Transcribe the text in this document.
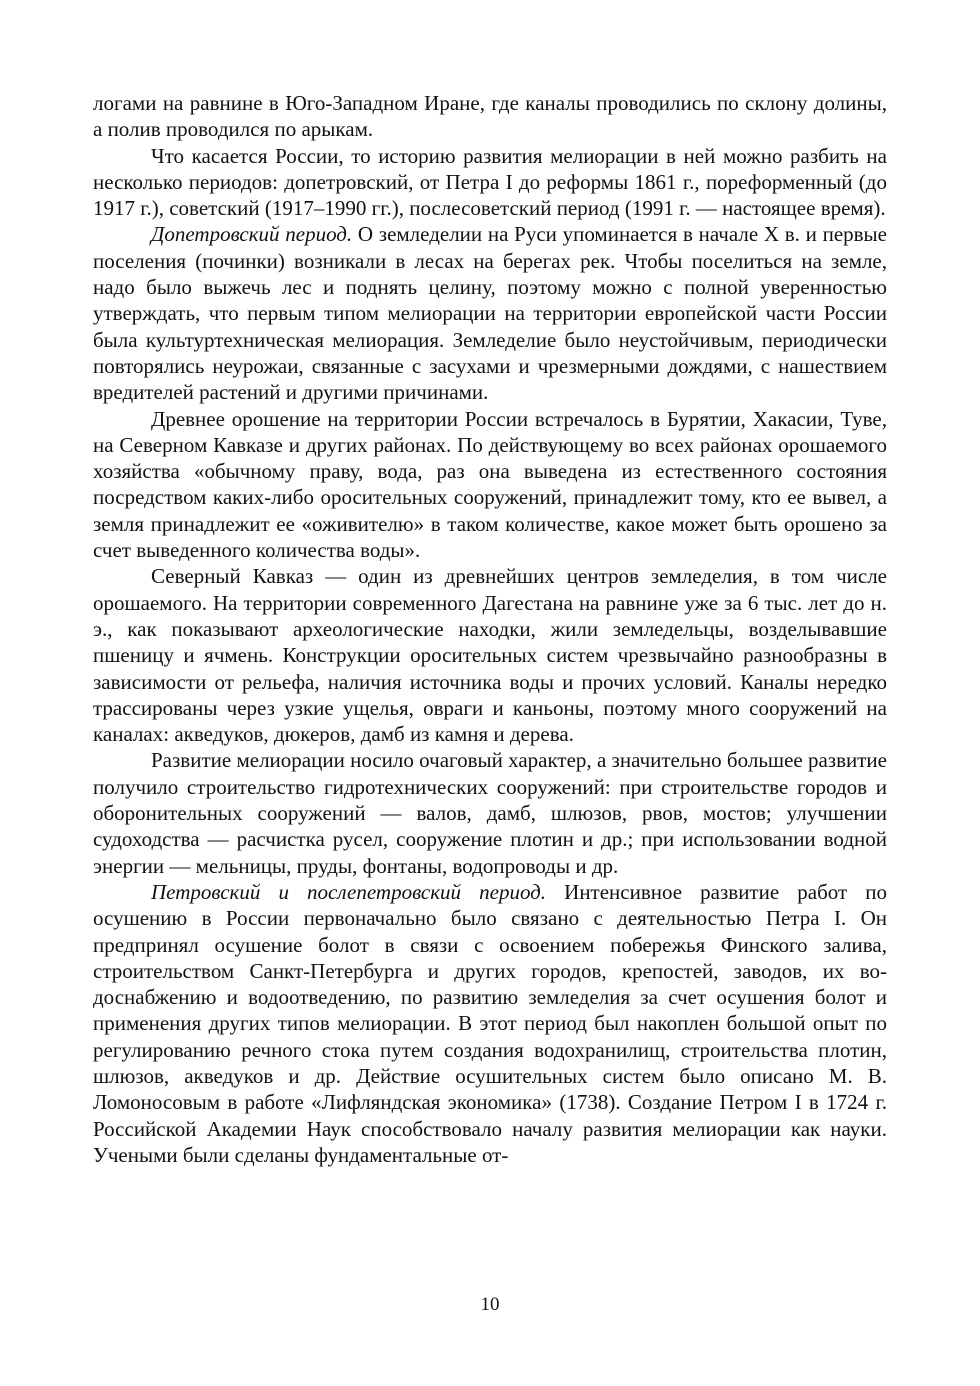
логами на равнине в Юго-Западном Иране, где каналы проводились по склону долины, а полив проводился по арыкам.

Что касается России, то историю развития мелиорации в ней можно разбить на несколько периодов: допетровский, от Петра I до реформы 1861 г., пореформенный (до 1917 г.), советский (1917–1990 гг.), послесоветский период (1991 г. — настоящее время).

Допетровский период. О земледелии на Руси упоминается в начале X в. и первые поселения (починки) возникали в лесах на берегах рек. Чтобы поселиться на земле, надо было выжечь лес и поднять целину, поэтому можно с полной уверенностью утверждать, что первым типом мелиорации на территории европейской части России была культуртехническая мелиорация. Земледелие было неустойчивым, периодически повторялись неурожаи, связанные с засухами и чрезмерными дождями, с нашествием вредителей растений и другими причинами.

Древнее орошение на территории России встречалось в Бурятии, Хакасии, Туве, на Северном Кавказе и других районах. По действующему во всех районах орошаемого хозяйства «обычному праву, вода, раз она выведена из естественного состояния посредством каких-либо оросительных сооружений, принадлежит тому, кто ее вывел, а земля принадлежит ее «оживителю» в таком количестве, какое может быть орошено за счет выведенного количества воды».

Северный Кавказ — один из древнейших центров земледелия, в том числе орошаемого. На территории современного Дагестана на равнине уже за 6 тыс. лет до н. э., как показывают археологические находки, жили земледельцы, возделывавшие пшеницу и ячмень. Конструкции оросительных систем чрезвычайно разнообразны в зависимости от рельефа, наличия источника воды и прочих условий. Каналы нередко трассированы через узкие ущелья, овраги и каньоны, поэтому много сооружений на каналах: акведуков, дюкеров, дамб из камня и дерева.

Развитие мелиорации носило очаговый характер, а значительно большее развитие получило строительство гидротехнических сооружений: при строительстве городов и оборонительных сооружений — валов, дамб, шлюзов, рвов, мостов; улучшении судоходства — расчистка русел, сооружение плотин и др.; при использовании водной энергии — мельницы, пруды, фонтаны, водопроводы и др.

Петровский и послепетровский период. Интенсивное развитие работ по осушению в России первоначально было связано с деятельностью Петра I. Он предпринял осушение болот в связи с освоением побережья Финского залива, строительством Санкт-Петербурга и других городов, крепостей, заводов, их водоснабжению и водоотведению, по развитию земледелия за счет осушения болот и применения других типов мелиорации. В этот период был накоплен большой опыт по регулированию речного стока путем создания водохранилищ, строительства плотин, шлюзов, акведуков и др. Действие осушительных систем было описано М. В. Ломоносовым в работе «Лифляндская экономика» (1738). Создание Петром I в 1724 г. Российской Академии Наук способствовало началу развития мелиорации как науки. Учеными были сделаны фундаментальные от-

10
